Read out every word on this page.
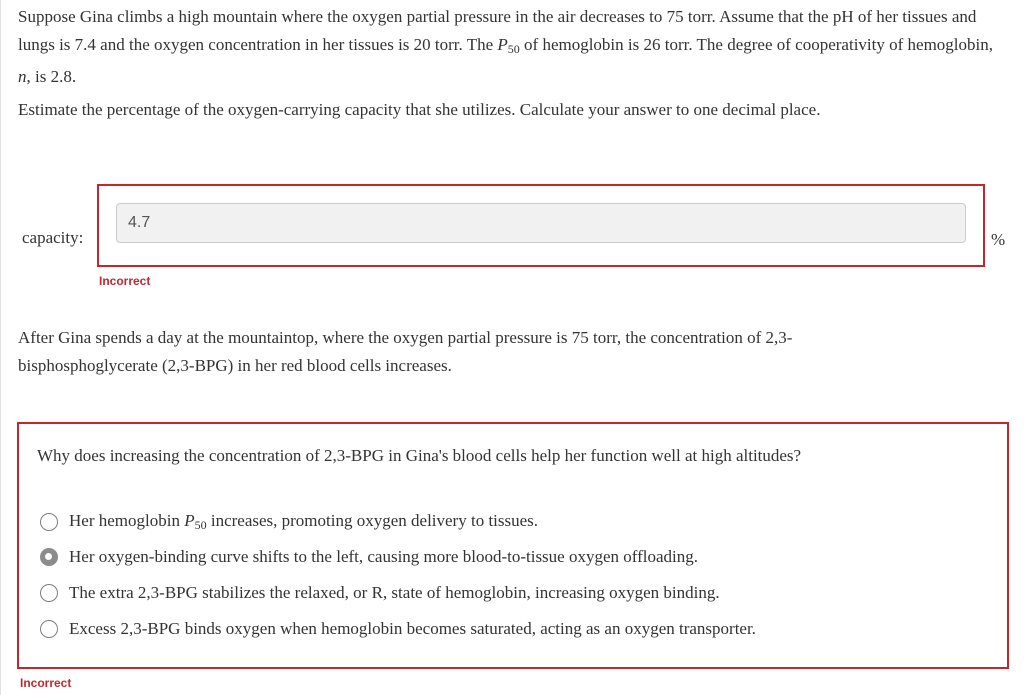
Suppose Gina climbs a high mountain where the oxygen partial pressure in the air decreases to 75 torr. Assume that the pH of her tissues and lungs is 7.4 and the oxygen concentration in her tissues is 20 torr. The $P_{50}$ of hemoglobin is 26 torr. The degree of cooperativity of hemoglobin, n, is 2.8.

Estimate the percentage of the oxygen-carrying capacity that she utilizes. Calculate your answer to one decimal place.

capacity:
4.7
%
Incorrect

After Gina spends a day at the mountaintop, where the oxygen partial pressure is 75 torr, the concentration of 2,3-bisphosphoglycerate (2,3-BPG) in her red blood cells increases.

Why does increasing the concentration of 2,3-BPG in Gina's blood cells help her function well at high altitudes?

Her hemoglobin $P_{50}$ increases, promoting oxygen delivery to tissues.
Her oxygen-binding curve shifts to the left, causing more blood-to-tissue oxygen offloading.
The extra 2,3-BPG stabilizes the relaxed, or R, state of hemoglobin, increasing oxygen binding.
Excess 2,3-BPG binds oxygen when hemoglobin becomes saturated, acting as an oxygen transporter.
Incorrect
